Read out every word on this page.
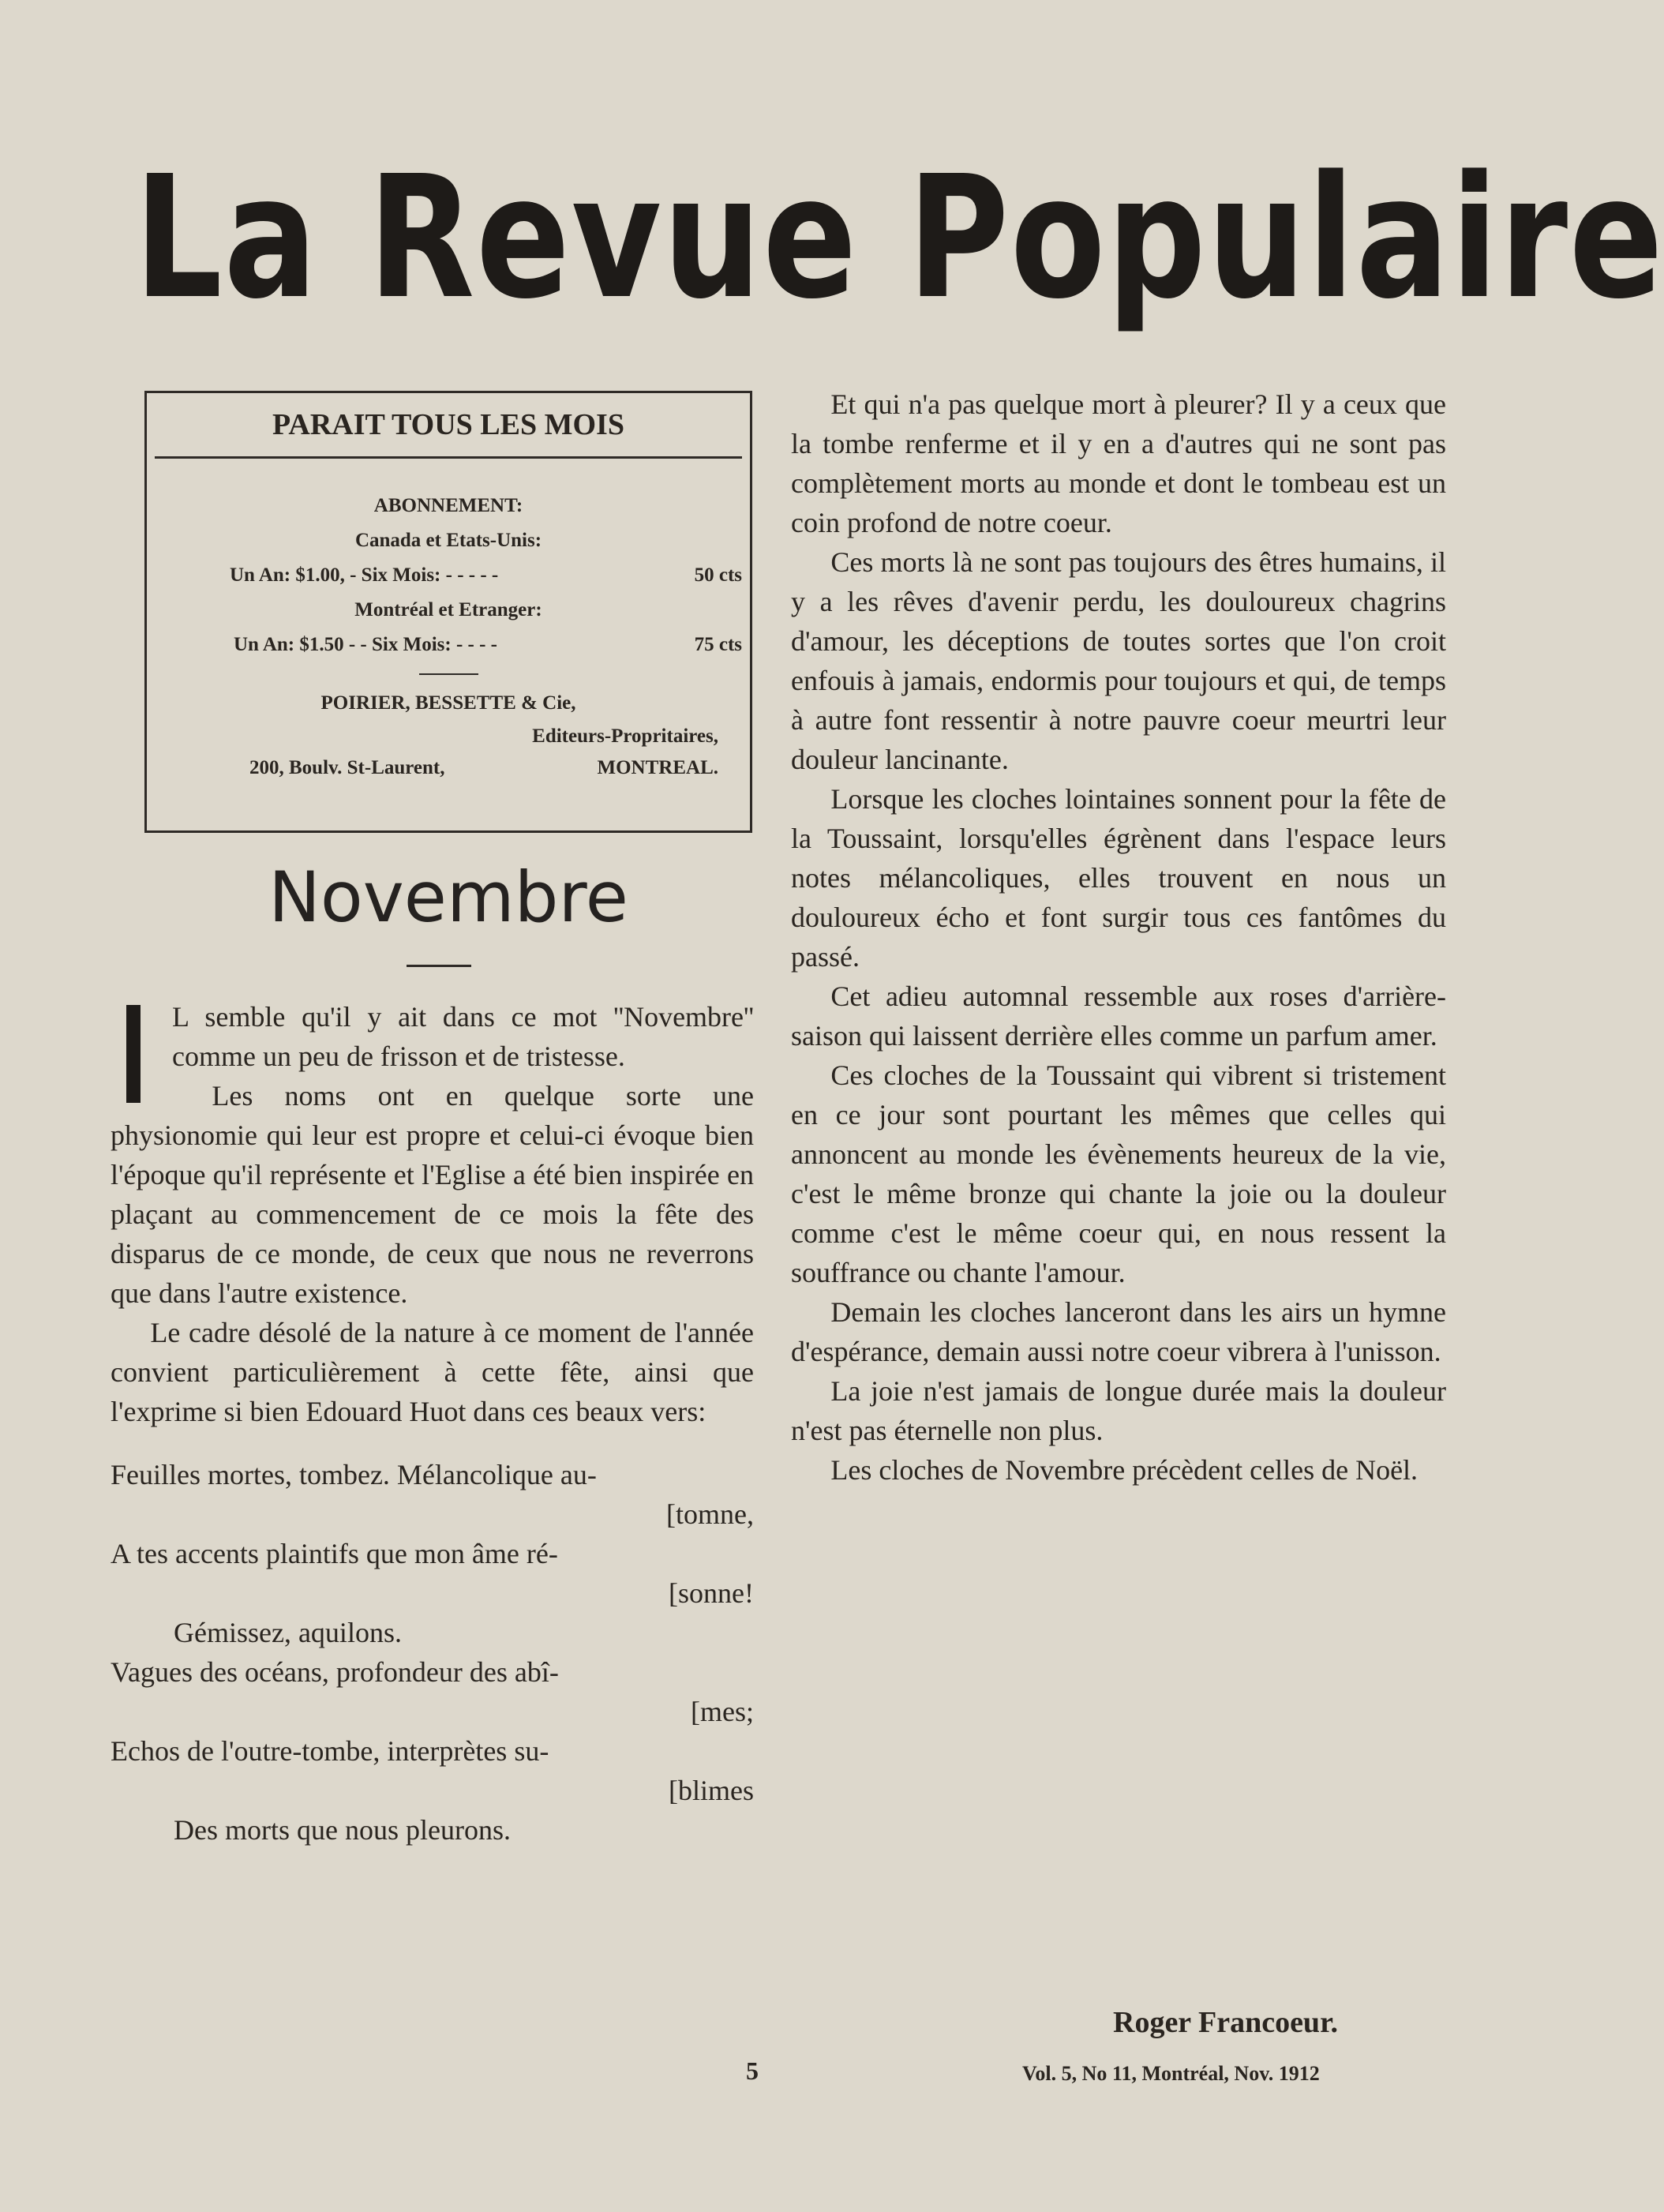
La Revue Populaire
PARAIT TOUS LES MOIS
ABONNEMENT:
Canada et Etats-Unis:
Un An: $1.00, - Six Mois: - - - - -	50 cts
Montréal et Etranger:
Un An: $1.50 - - Six Mois: - - - -	75 cts
POIRIER, BESSETTE & Cie,
Editeurs-Propritaires,
200, Boulv. St-Laurent,	MONTREAL.
Novembre

L semble qu'il y ait dans ce mot ''Novembre'' comme un peu de frisson et de tristesse.

Les noms ont en quelque sorte une physionomie qui leur est propre et celui-ci évoque bien l'époque qu'il représente et l'Eglise a été bien inspirée en plaçant au commencement de ce mois la fête des disparus de ce monde, de ceux que nous ne reverrons que dans l'autre existence.

Le cadre désolé de la nature à ce moment de l'année convient particulièrement à cette fête, ainsi que l'exprime si bien Edouard Huot dans ces beaux vers:

Feuilles mortes, tombez. Mélancolique au-
[tomne,
A tes accents plaintifs que mon âme ré-
[sonne!
Gémissez, aquilons.
Vagues des océans, profondeur des abî-
[mes;
Echos de l'outre-tombe, interprètes su-
[blimes
Des morts que nous pleurons.

Et qui n'a pas quelque mort à pleurer? Il y a ceux que la tombe renferme et il y en a d'autres qui ne sont pas complètement morts au monde et dont le tombeau est un coin profond de notre coeur.

Ces morts là ne sont pas toujours des êtres humains, il y a les rêves d'avenir perdu, les douloureux chagrins d'amour, les déceptions de toutes sortes que l'on croit enfouis à jamais, endormis pour toujours et qui, de temps à autre font ressentir à notre pauvre coeur meurtri leur douleur lancinante.

Lorsque les cloches lointaines sonnent pour la fête de la Toussaint, lorsqu'elles égrènent dans l'espace leurs notes mélancoliques, elles trouvent en nous un douloureux écho et font surgir tous ces fantômes du passé.

Cet adieu automnal ressemble aux roses d'arrière-saison qui laissent derrière elles comme un parfum amer.

Ces cloches de la Toussaint qui vibrent si tristement en ce jour sont pourtant les mêmes que celles qui annoncent au monde les évènements heureux de la vie, c'est le même bronze qui chante la joie ou la douleur comme c'est le même coeur qui, en nous ressent la souffrance ou chante l'amour.

Demain les cloches lanceront dans les airs un hymne d'espérance, demain aussi notre coeur vibrera à l'unisson.

La joie n'est jamais de longue durée mais la douleur n'est pas éternelle non plus.

Les cloches de Novembre précèdent celles de Noël.

Roger Francoeur.
5	Vol. 5, No 11, Montréal, Nov. 1912
